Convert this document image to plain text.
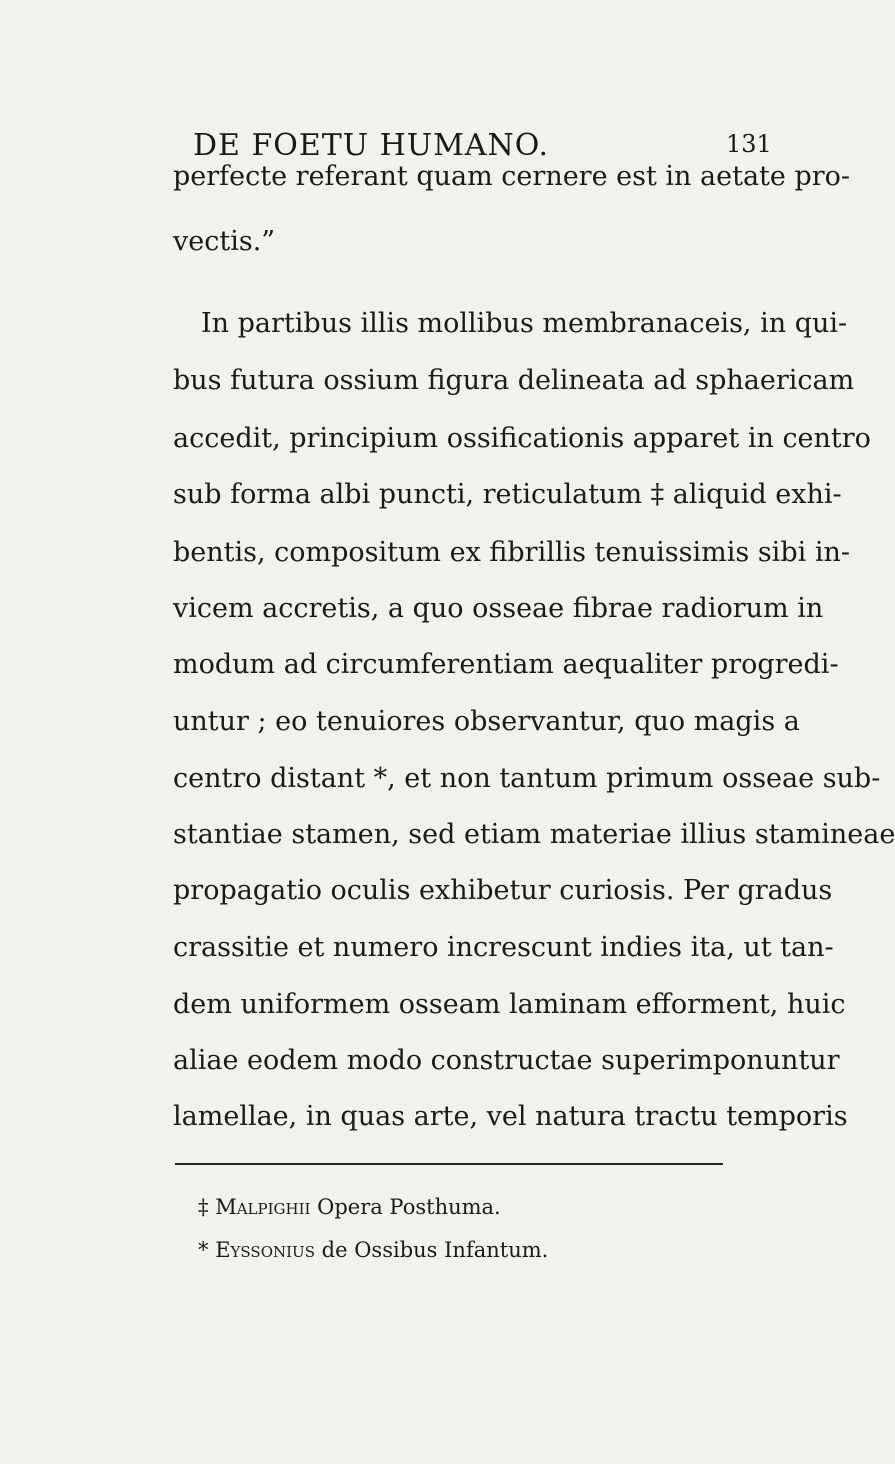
DE FOETU HUMANO.	131
perfecte referant quam cernere est in aetate pro-
vectis.”
In partibus illis mollibus membranaceis, in qui-
bus futura ossium figura delineata ad sphaericam
accedit, principium ossificationis apparet in centro
sub forma albi puncti, reticulatum ‡ aliquid exhi-
bentis, compositum ex fibrillis tenuissimis sibi in-
vicem accretis, a quo osseae fibrae radiorum in
modum ad circumferentiam aequaliter progredi-
untur ; eo tenuiores observantur, quo magis a
centro distant *, et non tantum primum osseae sub-
stantiae stamen, sed etiam materiae illius stamineae
propagatio oculis exhibetur curiosis. Per gradus
crassitie et numero increscunt indies ita, ut tan-
dem uniformem osseam laminam efforment, huic
aliae eodem modo constructae superimponuntur
lamellae, in quas arte, vel natura tractu temporis
‡ Malpighii Opera Posthuma.
* Eyssonius de Ossibus Infantum.
